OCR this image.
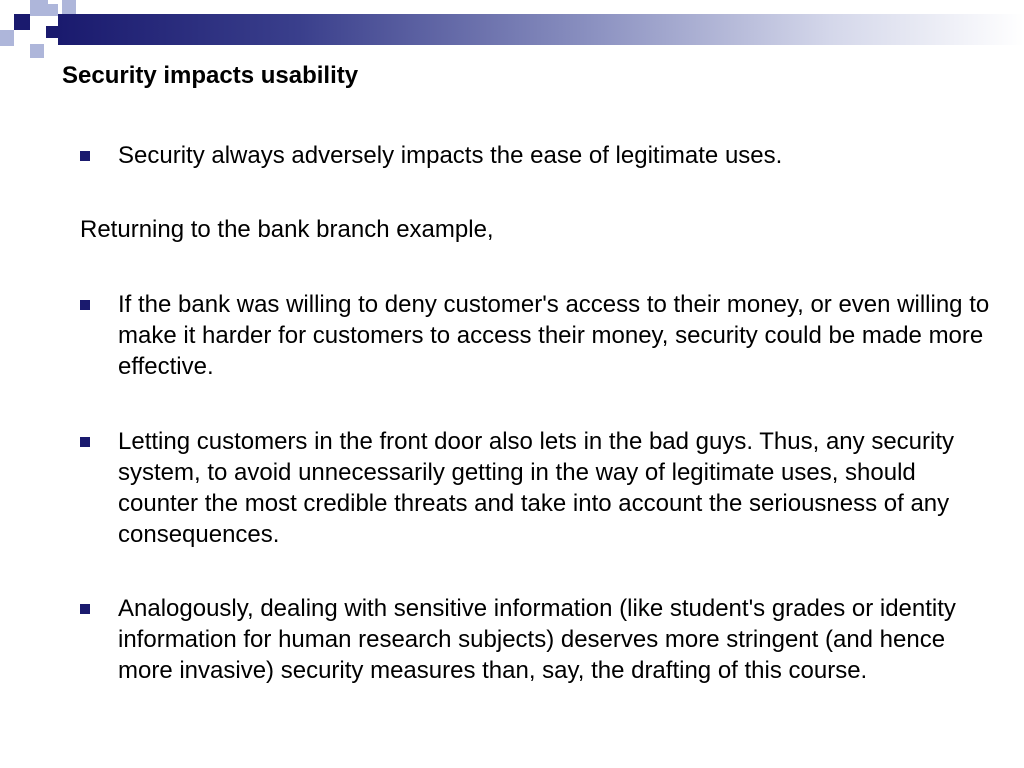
Security impacts usability
Security always adversely impacts the ease of legitimate uses.
Returning to the bank branch example,
If the bank was willing to deny customer's access to their money, or even willing to make it harder for customers to access their money, security could be made more effective.
Letting customers in the front door also lets in the bad guys. Thus, any security system, to avoid unnecessarily getting in the way of legitimate uses, should counter the most credible threats and take into account the seriousness of any consequences.
Analogously, dealing with sensitive information (like student's grades or identity information for human research subjects) deserves more stringent (and hence more invasive) security measures than, say, the drafting of this course.
